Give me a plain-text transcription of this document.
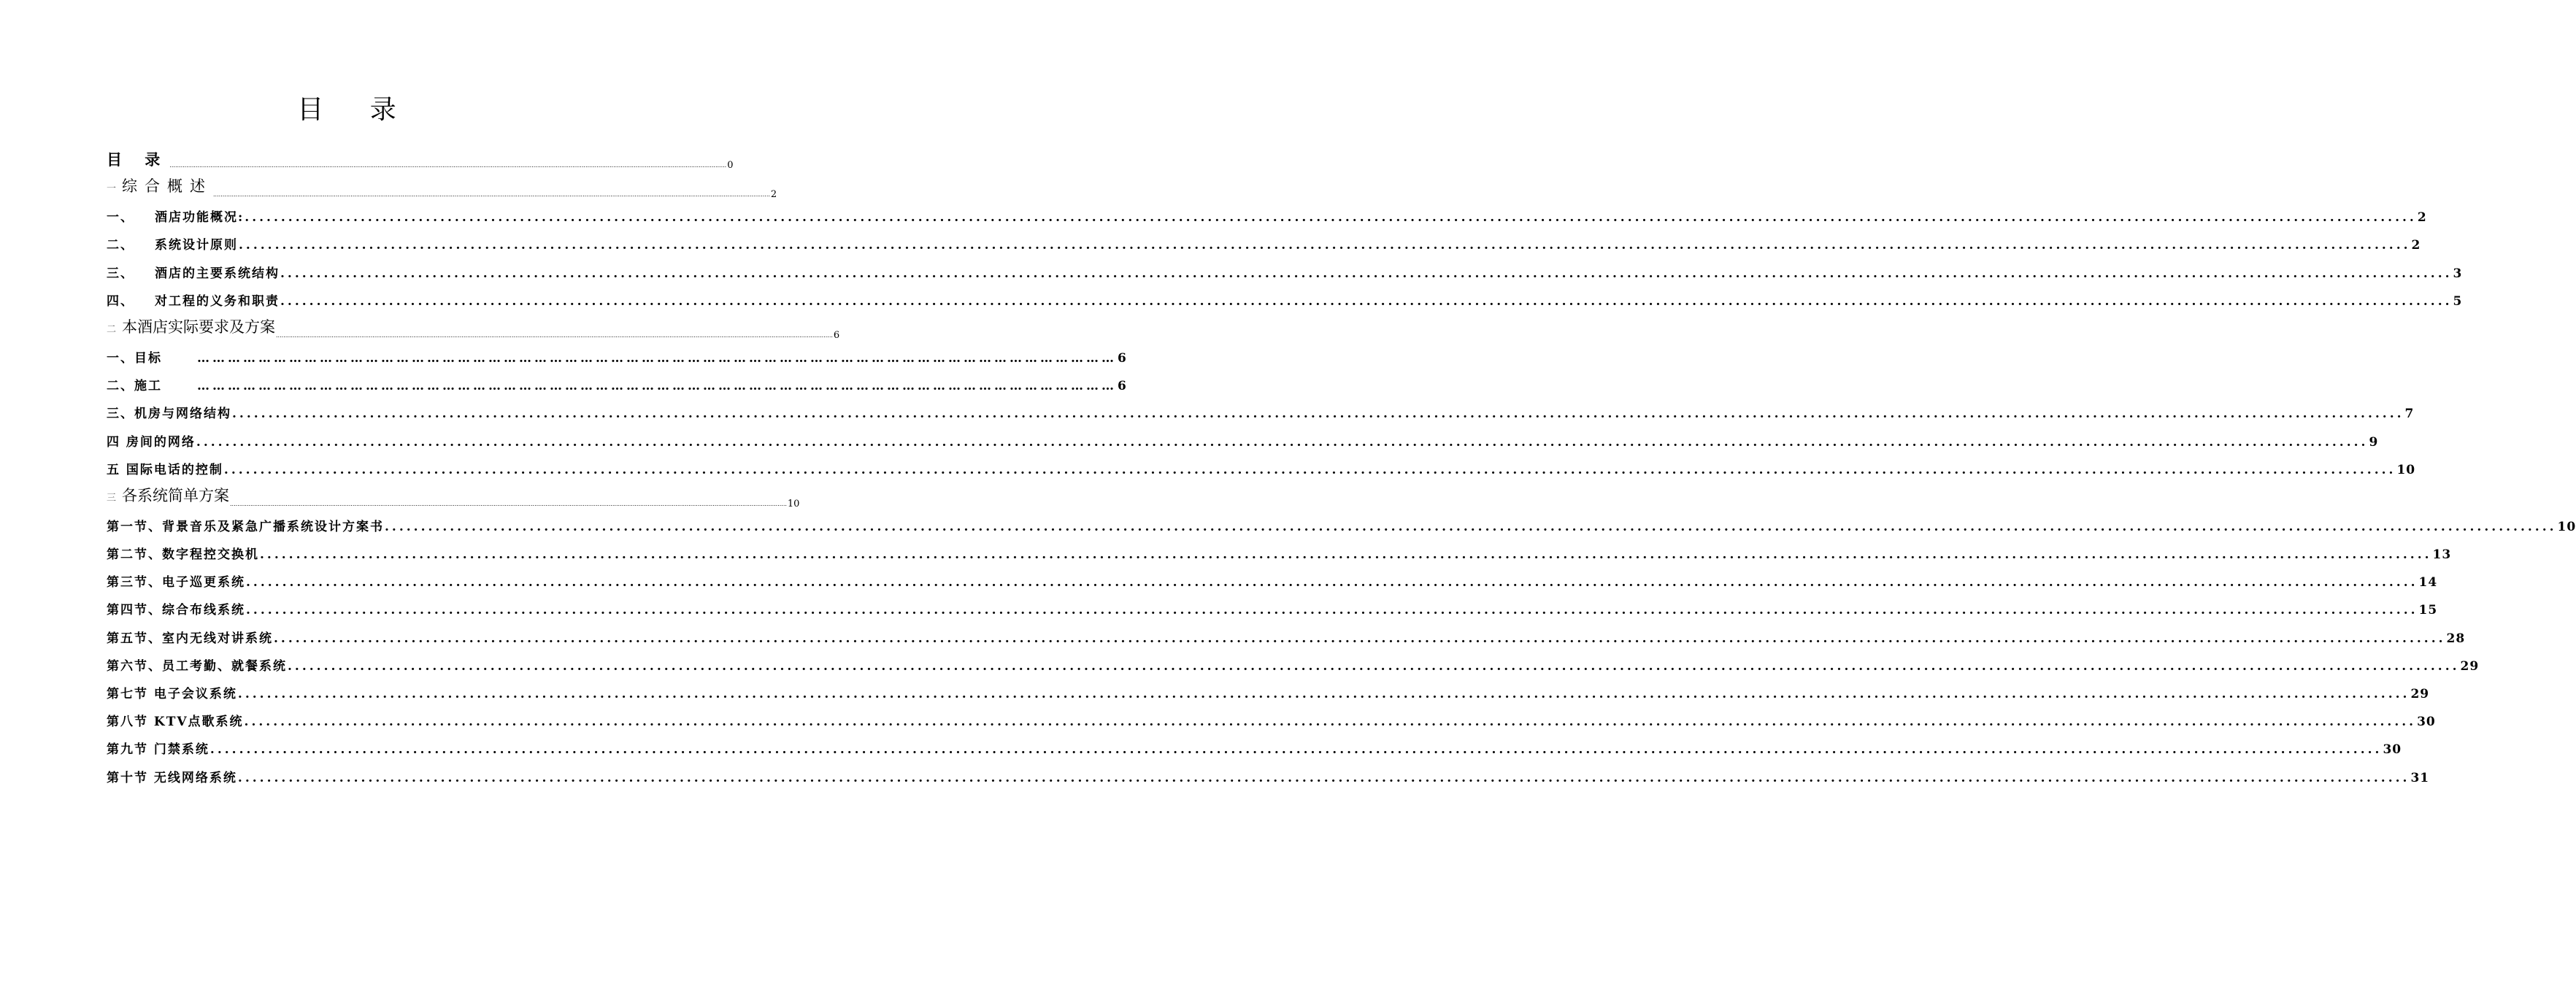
目 录
目 录 ............................................................................................................................................................................................................................................................................................................ 0
一 综合概述 ............................................................................................................................................................................................................................................................................................................ 2
一、 酒店功能概况: ............................................................................................................................................................................................................................................................................................................ 2
二、 系统设计原则 ............................................................................................................................................................................................................................................................................................................ 2
三、 酒店的主要系统结构 ............................................................................................................................................................................................................................................................................................................ 3
四、 对工程的义务和职责 ............................................................................................................................................................................................................................................................................................................ 5
二 本酒店实际要求及方案 ............................................................................................................................................................................................................................................................................................................ 6
一、目标	……………………………………………………………………………………………………………………………………………………………… 6
二、施工	……………………………………………………………………………………………………………………………………………………………… 6
三、机房与网络结构 ............................................................................................................................................................................................................................................................................................................ 7
四 房间的网络 ............................................................................................................................................................................................................................................................................................................ 9
五 国际电话的控制 ............................................................................................................................................................................................................................................................................................................ 10
三 各系统简单方案 ............................................................................................................................................................................................................................................................................................................ 10
第一节、背景音乐及紧急广播系统设计方案书 ............................................................................................................................................................................................................................................................................................................ 10
第二节、数字程控交换机 ............................................................................................................................................................................................................................................................................................................ 13
第三节、电子巡更系统 ............................................................................................................................................................................................................................................................................................................ 14
第四节、综合布线系统 ............................................................................................................................................................................................................................................................................................................ 15
第五节、室内无线对讲系统 ............................................................................................................................................................................................................................................................................................................ 28
第六节、员工考勤、就餐系统 ............................................................................................................................................................................................................................................................................................................ 29
第七节 电子会议系统 ............................................................................................................................................................................................................................................................................................................ 29
第八节 KTV点歌系统 ............................................................................................................................................................................................................................................................................................................ 30
第九节 门禁系统 ............................................................................................................................................................................................................................................................................................................ 30
第十节 无线网络系统 ............................................................................................................................................................................................................................................................................................................ 31
